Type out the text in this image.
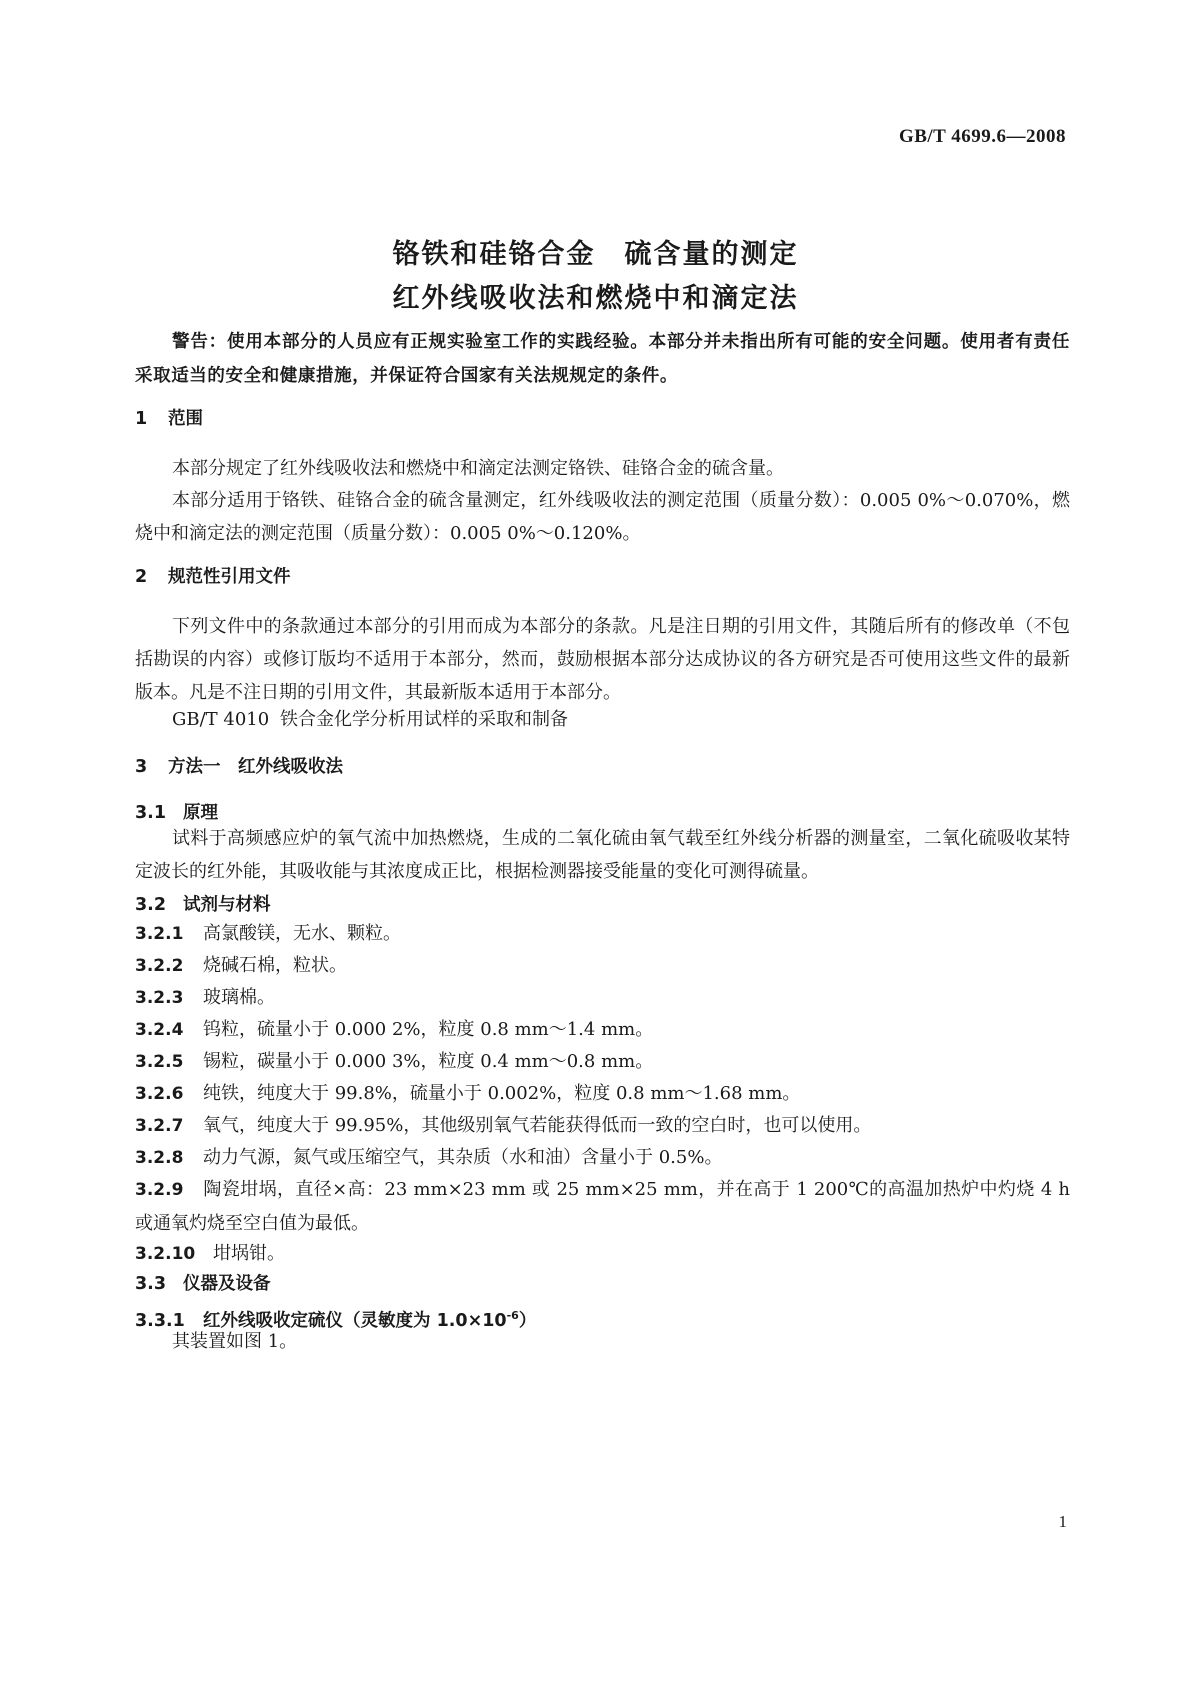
GB/T 4699.6—2008
铬铁和硅铬合金　硫含量的测定
红外线吸收法和燃烧中和滴定法
警告：使用本部分的人员应有正规实验室工作的实践经验。本部分并未指出所有可能的安全问题。使用者有责任采取适当的安全和健康措施，并保证符合国家有关法规规定的条件。
1 范围
本部分规定了红外线吸收法和燃烧中和滴定法测定铬铁、硅铬合金的硫含量。
本部分适用于铬铁、硅铬合金的硫含量测定，红外线吸收法的测定范围（质量分数）：0.005 0%～0.070%，燃烧中和滴定法的测定范围（质量分数）：0.005 0%～0.120%。
2 规范性引用文件
下列文件中的条款通过本部分的引用而成为本部分的条款。凡是注日期的引用文件，其随后所有的修改单（不包括勘误的内容）或修订版均不适用于本部分，然而，鼓励根据本部分达成协议的各方研究是否可使用这些文件的最新版本。凡是不注日期的引用文件，其最新版本适用于本部分。
GB/T 4010 铁合金化学分析用试样的采取和制备
3 方法一　红外线吸收法
3.1 原理
试料于高频感应炉的氧气流中加热燃烧，生成的二氧化硫由氧气载至红外线分析器的测量室，二氧化硫吸收某特定波长的红外能，其吸收能与其浓度成正比，根据检测器接受能量的变化可测得硫量。
3.2 试剂与材料
3.2.1 高氯酸镁，无水、颗粒。
3.2.2 烧碱石棉，粒状。
3.2.3 玻璃棉。
3.2.4 钨粒，硫量小于 0.000 2%，粒度 0.8 mm～1.4 mm。
3.2.5 锡粒，碳量小于 0.000 3%，粒度 0.4 mm～0.8 mm。
3.2.6 纯铁，纯度大于 99.8%，硫量小于 0.002%，粒度 0.8 mm～1.68 mm。
3.2.7 氧气，纯度大于 99.95%，其他级别氧气若能获得低而一致的空白时，也可以使用。
3.2.8 动力气源，氮气或压缩空气，其杂质（水和油）含量小于 0.5%。
3.2.9 陶瓷坩埚，直径×高：23 mm×23 mm 或 25 mm×25 mm，并在高于 1 200℃的高温加热炉中灼烧 4 h 或通氧灼烧至空白值为最低。
3.2.10 坩埚钳。
3.3 仪器及设备
3.3.1 红外线吸收定硫仪（灵敏度为 $1.0\times 10^{-6}$）
其装置如图 1。
1
